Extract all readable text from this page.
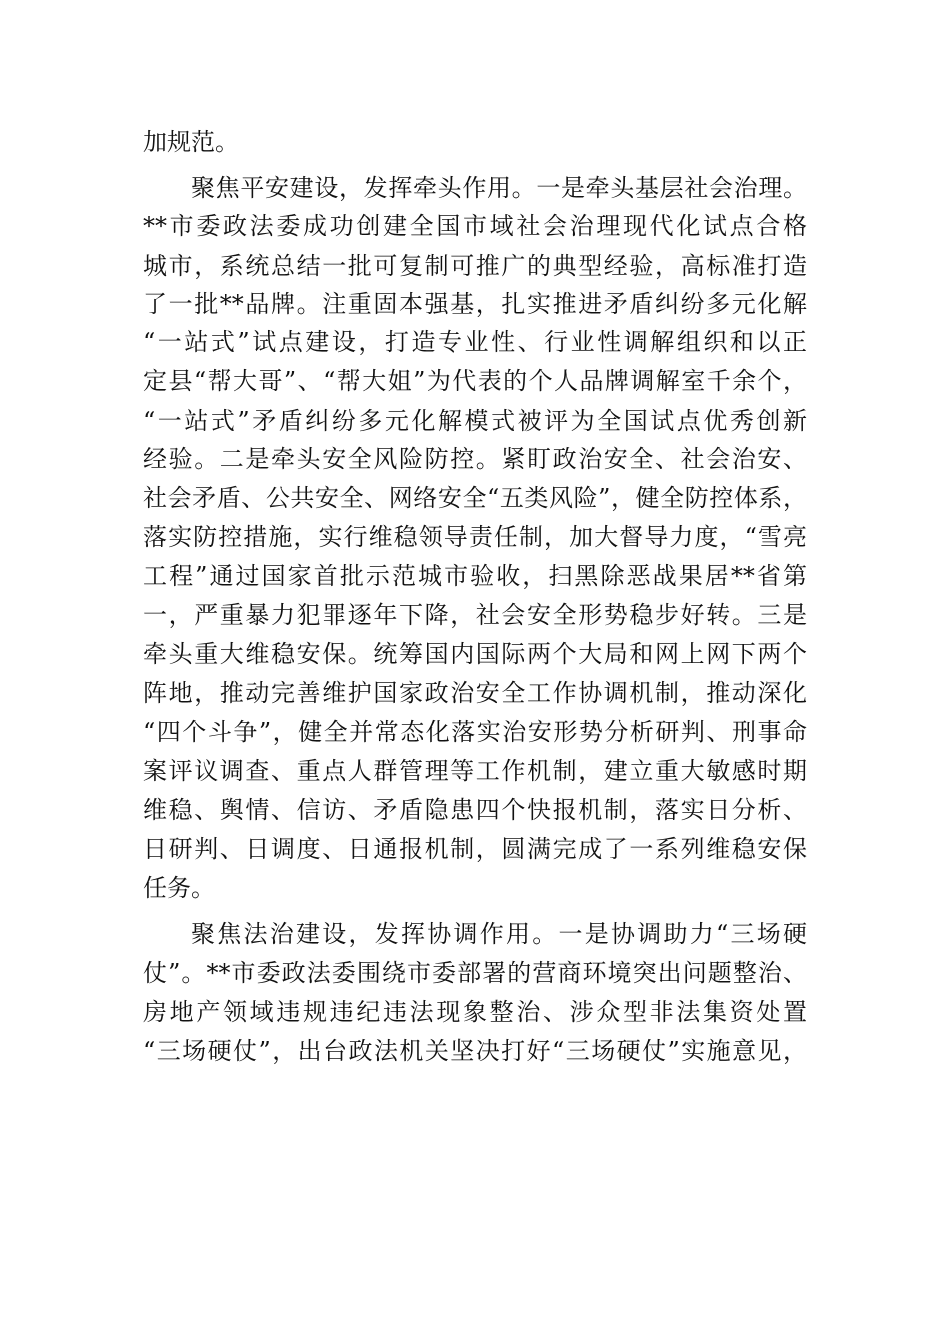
加规范。
聚焦平安建设，发挥牵头作用。一是牵头基层社会治理。
**市委政法委成功创建全国市域社会治理现代化试点合格
城市，系统总结一批可复制可推广的典型经验，高标准打造
了一批**品牌。注重固本强基，扎实推进矛盾纠纷多元化解
“一站式”试点建设，打造专业性、行业性调解组织和以正
定县“帮大哥”、“帮大姐”为代表的个人品牌调解室千余个，
“一站式”矛盾纠纷多元化解模式被评为全国试点优秀创新
经验。二是牵头安全风险防控。紧盯政治安全、社会治安、
社会矛盾、公共安全、网络安全“五类风险”，健全防控体系，
落实防控措施，实行维稳领导责任制，加大督导力度，“雪亮
工程”通过国家首批示范城市验收，扫黑除恶战果居**省第
一，严重暴力犯罪逐年下降，社会安全形势稳步好转。三是
牵头重大维稳安保。统筹国内国际两个大局和网上网下两个
阵地，推动完善维护国家政治安全工作协调机制，推动深化
“四个斗争”，健全并常态化落实治安形势分析研判、刑事命
案评议调查、重点人群管理等工作机制，建立重大敏感时期
维稳、舆情、信访、矛盾隐患四个快报机制，落实日分析、
日研判、日调度、日通报机制，圆满完成了一系列维稳安保
任务。
聚焦法治建设，发挥协调作用。一是协调助力“三场硬
仗”。**市委政法委围绕市委部署的营商环境突出问题整治、
房地产领域违规违纪违法现象整治、涉众型非法集资处置
“三场硬仗”，出台政法机关坚决打好“三场硬仗”实施意见，
